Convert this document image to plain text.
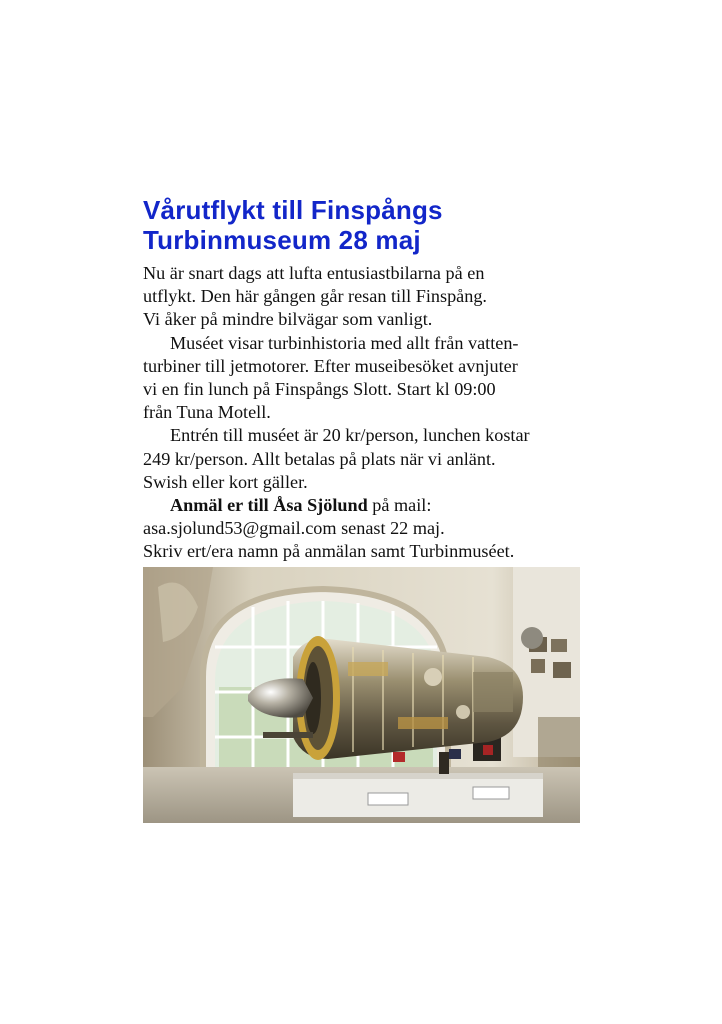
Vårutflykt till Finspångs
Turbinmuseum 28 maj

Nu är snart dags att lufta entusiastbilarna på en
utflykt. Den här gången går resan till Finspång.
Vi åker på mindre bilvägar som vanligt.

Muséet visar turbinhistoria med allt från vatten-
turbiner till jetmotorer. Efter museibesöket avnjuter
vi en fin lunch på Finspångs Slott. Start kl 09:00
från Tuna Motell.

Entrén till muséet är 20 kr/person, lunchen kostar
249 kr/person. Allt betalas på plats när vi anlänt.
Swish eller kort gäller.

Anmäl er till Åsa Sjölund på mail:
asa.sjolund53@gmail.com senast 22 maj.
Skriv ert/era namn på anmälan samt Turbinmuséet.
